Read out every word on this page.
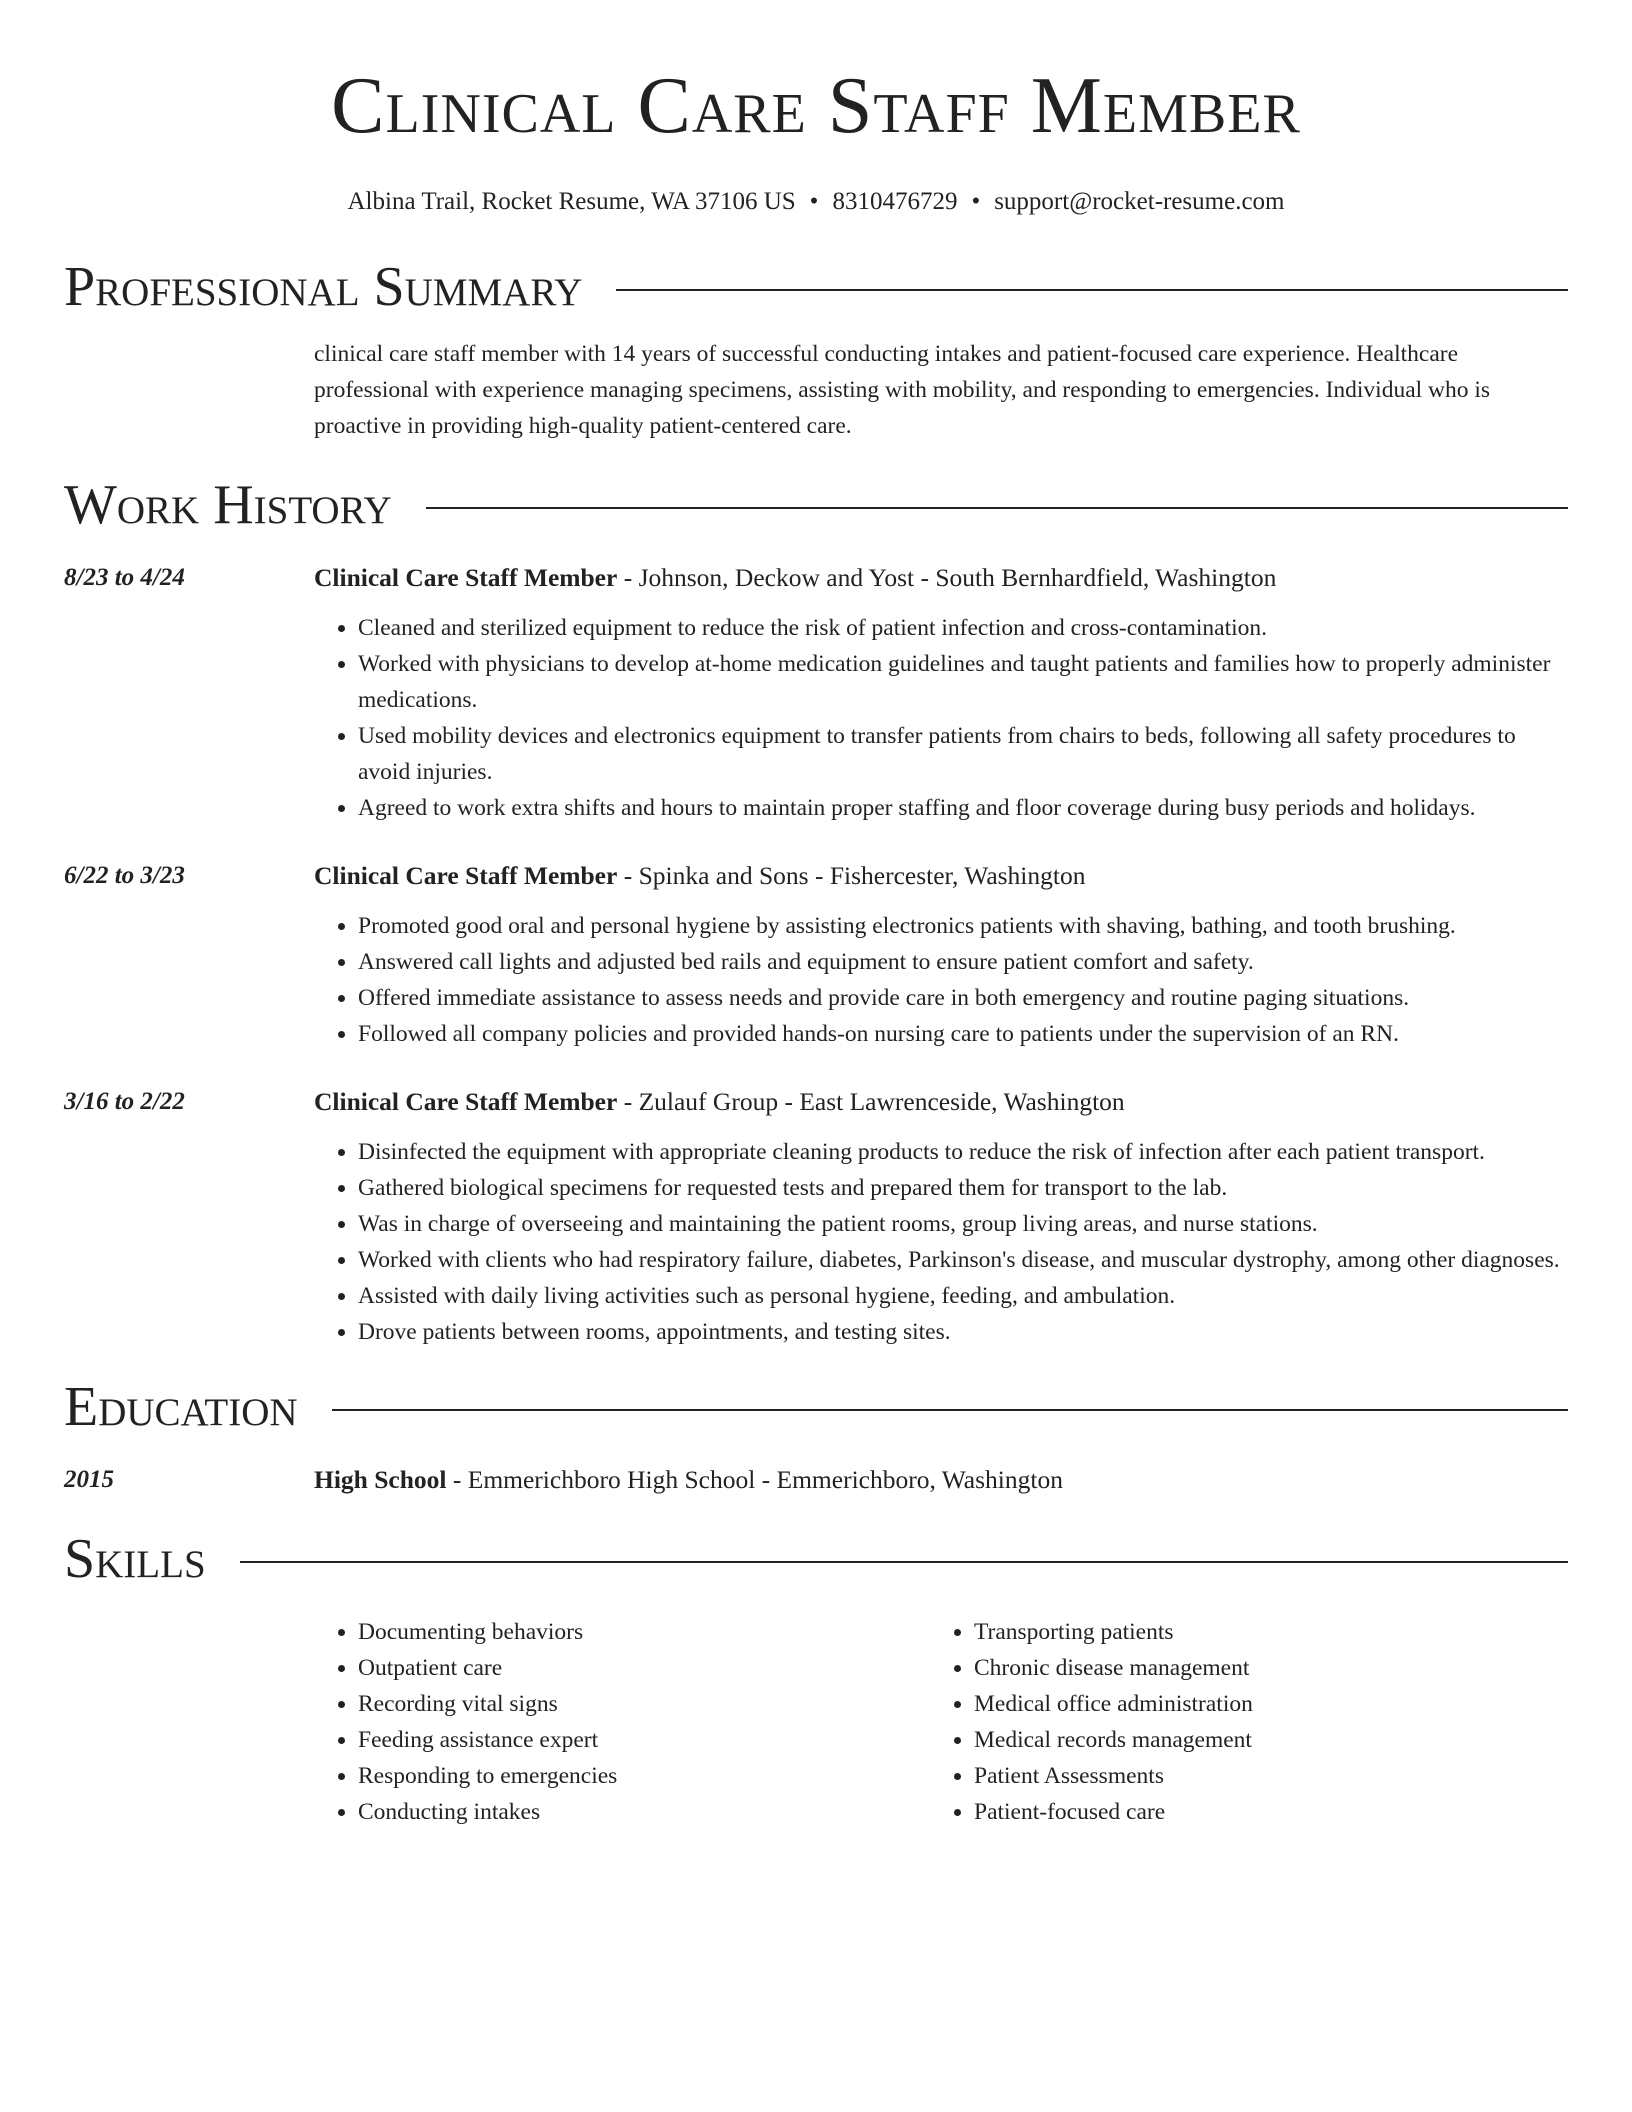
Clinical Care Staff Member
Albina Trail, Rocket Resume, WA 37106 US • 8310476729 • support@rocket-resume.com
Professional Summary

clinical care staff member with 14 years of successful conducting intakes and patient-focused care experience. Healthcare professional with experience managing specimens, assisting with mobility, and responding to emergencies. Individual who is proactive in providing high-quality patient-centered care.

Work History
8/23 to 4/24	Clinical Care Staff Member - Johnson, Deckow and Yost - South Bernhardfield, Washington
• Cleaned and sterilized equipment to reduce the risk of patient infection and cross-contamination.
• Worked with physicians to develop at-home medication guidelines and taught patients and families how to properly administer medications.
• Used mobility devices and electronics equipment to transfer patients from chairs to beds, following all safety procedures to avoid injuries.
• Agreed to work extra shifts and hours to maintain proper staffing and floor coverage during busy periods and holidays.
6/22 to 3/23	Clinical Care Staff Member - Spinka and Sons - Fishercester, Washington
• Promoted good oral and personal hygiene by assisting electronics patients with shaving, bathing, and tooth brushing.
• Answered call lights and adjusted bed rails and equipment to ensure patient comfort and safety.
• Offered immediate assistance to assess needs and provide care in both emergency and routine paging situations.
• Followed all company policies and provided hands-on nursing care to patients under the supervision of an RN.
3/16 to 2/22	Clinical Care Staff Member - Zulauf Group - East Lawrenceside, Washington
• Disinfected the equipment with appropriate cleaning products to reduce the risk of infection after each patient transport.
• Gathered biological specimens for requested tests and prepared them for transport to the lab.
• Was in charge of overseeing and maintaining the patient rooms, group living areas, and nurse stations.
• Worked with clients who had respiratory failure, diabetes, Parkinson's disease, and muscular dystrophy, among other diagnoses.
• Assisted with daily living activities such as personal hygiene, feeding, and ambulation.
• Drove patients between rooms, appointments, and testing sites.
Education
2015	High School - Emmerichboro High School - Emmerichboro, Washington
Skills
• Documenting behaviors
• Outpatient care
• Recording vital signs
• Feeding assistance expert
• Responding to emergencies
• Conducting intakes
• Transporting patients
• Chronic disease management
• Medical office administration
• Medical records management
• Patient Assessments
• Patient-focused care
